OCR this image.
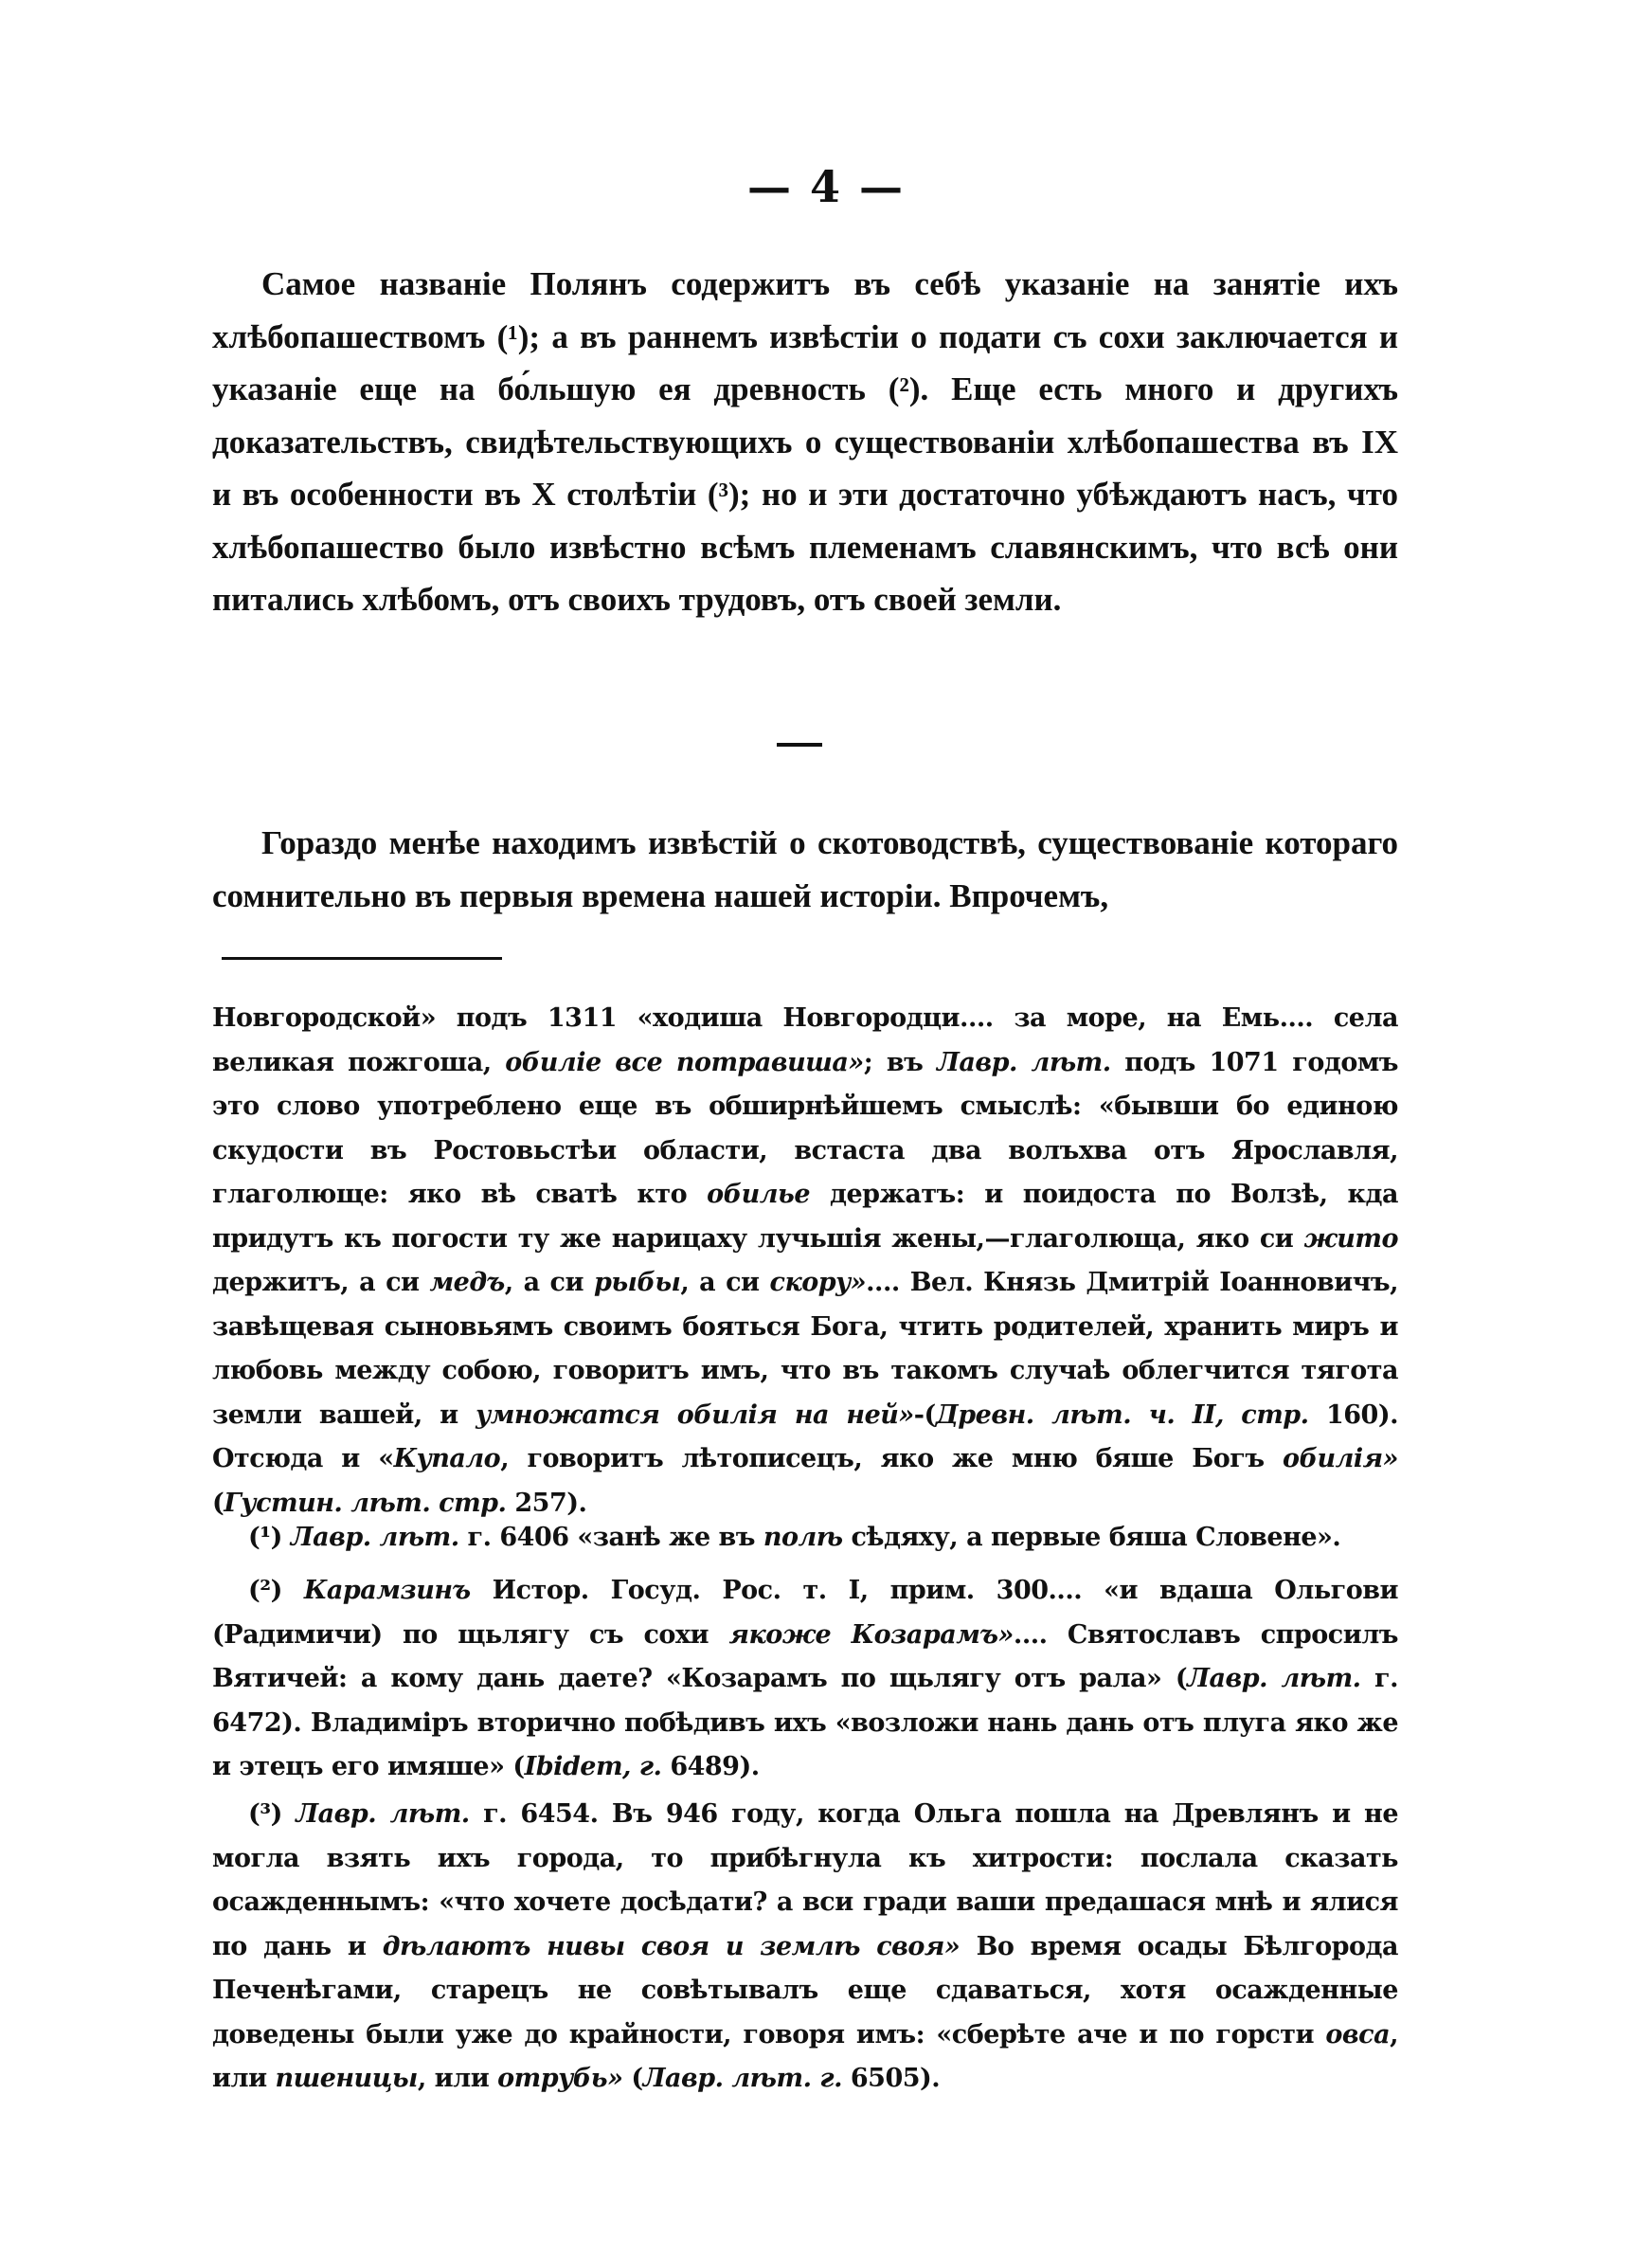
— 4 —

Самое названіе Полянъ содержитъ въ себѣ указаніе на занятіе ихъ хлѣбопашествомъ (¹); а въ раннемъ извѣстіи о подати съ сохи заключается и указаніе еще на бо́льшую ея древность (²). Еще есть много и другихъ доказательствъ, свидѣтельствующихъ о существованіи хлѣбопашества въ IX и въ особенности въ X столѣтіи (³); но и эти достаточно убѣждаютъ насъ, что хлѣбопашество было извѣстно всѣмъ племенамъ славянскимъ, что всѣ они питались хлѣбомъ, отъ своихъ трудовъ, отъ своей земли.

Гораздо менѣе находимъ извѣстій о скотоводствѣ, существованіе котораго сомнительно въ первыя времена нашей исторіи. Впрочемъ,

Новгородской» подъ 1311 «ходиша Новгородци.... за море, на Емь.... села великая пожгоша, обиліе все потравиша»; въ Лавр. лѣт. подъ 1071 годомъ это слово употреблено еще въ обширнѣйшемъ смыслѣ: «бывши бо единою скудости въ Ростовьстѣи области, встаста два волъхва отъ Ярославля, глаголюще: яко вѣ сватѣ кто обилье держатъ: и поидоста по Волзѣ, кда придутъ къ погости ту же нарицаху лучьшія жены,—глаголюща, яко си жито держитъ, а си медъ, а си рыбы, а си скору».... Вел. Князь Дмитрій Іоанновичъ, завѣщевая сыновьямъ своимъ бояться Бога, чтить родителей, хранить миръ и любовь между собою, говоритъ имъ, что въ такомъ случаѣ облегчится тягота земли вашей, и умножатся обилія на ней»-(Древн. лѣт. ч. II, стр. 160). Отсюда и «Купало, говоритъ лѣтописецъ, яко же мню бяше Богъ обилія» (Густин. лѣт. стр. 257).

(¹) Лавр. лѣт. г. 6406 «занѣ же въ полѣ сѣдяху, а первые бяша Словене».

(²) Карамзинъ Истор. Госуд. Рос. т. I, прим. 300.... «и вдаша Ольгови (Радимичи) по щьлягу съ сохи якоже Козарамъ».... Святославъ спросилъ Вятичей: а кому дань даете? «Козарамъ по щьлягу отъ рала» (Лавр. лѣт. г. 6472). Владиміръ вторично побѣдивъ ихъ «возложи нань дань отъ плуга яко же и этецъ его имяше» (Ibidem, г. 6489).

(³) Лавр. лѣт. г. 6454. Въ 946 году, когда Ольга пошла на Древлянъ и не могла взять ихъ города, то прибѣгнула къ хитрости: послала сказать осажденнымъ: «что хочете досѣдати? а вси гради ваши предашася мнѣ и ялися по дань и дѣлаютъ нивы своя и землѣ своя» Во время осады Бѣлгорода Печенѣгами, старецъ не совѣтывалъ еще сдаваться, хотя осажденные доведены были уже до крайности, говоря имъ: «сберѣте аче и по горсти овса, или пшеницы, или отрубь» (Лавр. лѣт. г. 6505).
